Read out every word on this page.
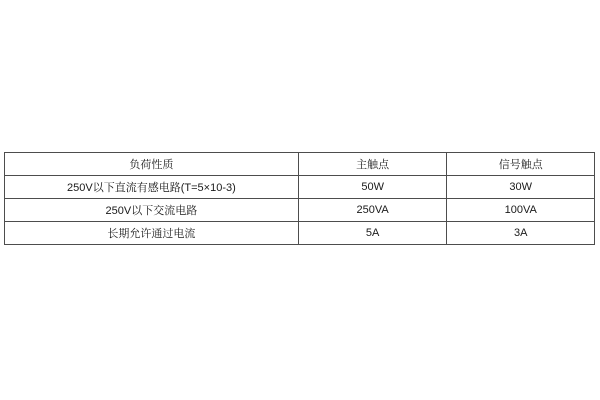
负荷性质	主触点	信号触点
250V以下直流有感电路(T=5×10-3)	50W	30W
250V以下交流电路	250VA	100VA
长期允许通过电流	5A	3A
